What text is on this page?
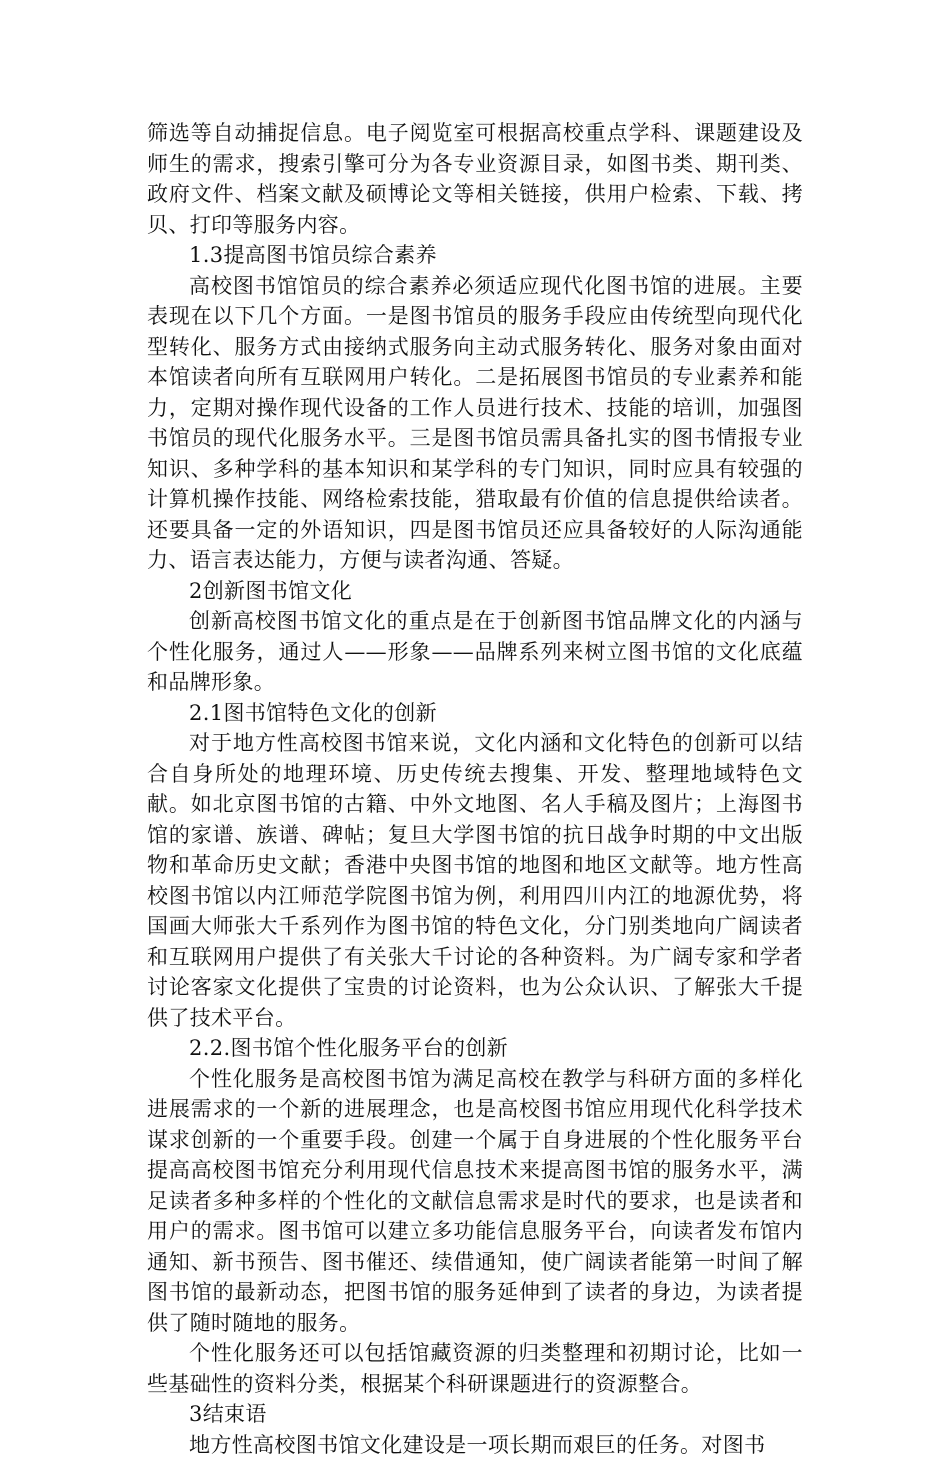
筛选等自动捕捉信息。电子阅览室可根据高校重点学科、课题建设及师生的需求，搜索引擎可分为各专业资源目录，如图书类、期刊类、政府文件、档案文献及硕博论文等相关链接，供用户检索、下载、拷贝、打印等服务内容。

1.3提高图书馆员综合素养

高校图书馆馆员的综合素养必须适应现代化图书馆的进展。主要表现在以下几个方面。一是图书馆员的服务手段应由传统型向现代化型转化、服务方式由接纳式服务向主动式服务转化、服务对象由面对本馆读者向所有互联网用户转化。二是拓展图书馆员的专业素养和能力，定期对操作现代设备的工作人员进行技术、技能的培训，加强图书馆员的现代化服务水平。三是图书馆员需具备扎实的图书情报专业知识、多种学科的基本知识和某学科的专门知识，同时应具有较强的计算机操作技能、网络检索技能，猎取最有价值的信息提供给读者。还要具备一定的外语知识，四是图书馆员还应具备较好的人际沟通能力、语言表达能力，方便与读者沟通、答疑。

2创新图书馆文化

创新高校图书馆文化的重点是在于创新图书馆品牌文化的内涵与个性化服务，通过人——形象——品牌系列来树立图书馆的文化底蕴和品牌形象。

2.1图书馆特色文化的创新

对于地方性高校图书馆来说，文化内涵和文化特色的创新可以结合自身所处的地理环境、历史传统去搜集、开发、整理地域特色文献。如北京图书馆的古籍、中外文地图、名人手稿及图片；上海图书馆的家谱、族谱、碑帖；复旦大学图书馆的抗日战争时期的中文出版物和革命历史文献；香港中央图书馆的地图和地区文献等。地方性高校图书馆以内江师范学院图书馆为例，利用四川内江的地源优势，将国画大师张大千系列作为图书馆的特色文化，分门别类地向广阔读者和互联网用户提供了有关张大千讨论的各种资料。为广阔专家和学者讨论客家文化提供了宝贵的讨论资料，也为公众认识、了解张大千提供了技术平台。

2.2.图书馆个性化服务平台的创新

个性化服务是高校图书馆为满足高校在教学与科研方面的多样化进展需求的一个新的进展理念，也是高校图书馆应用现代化科学技术谋求创新的一个重要手段。创建一个属于自身进展的个性化服务平台提高高校图书馆充分利用现代信息技术来提高图书馆的服务水平，满足读者多种多样的个性化的文献信息需求是时代的要求，也是读者和用户的需求。图书馆可以建立多功能信息服务平台，向读者发布馆内通知、新书预告、图书催还、续借通知，使广阔读者能第一时间了解图书馆的最新动态，把图书馆的服务延伸到了读者的身边，为读者提供了随时随地的服务。

个性化服务还可以包括馆藏资源的归类整理和初期讨论，比如一些基础性的资料分类，根据某个科研课题进行的资源整合。

3结束语

地方性高校图书馆文化建设是一项长期而艰巨的任务。对图书
